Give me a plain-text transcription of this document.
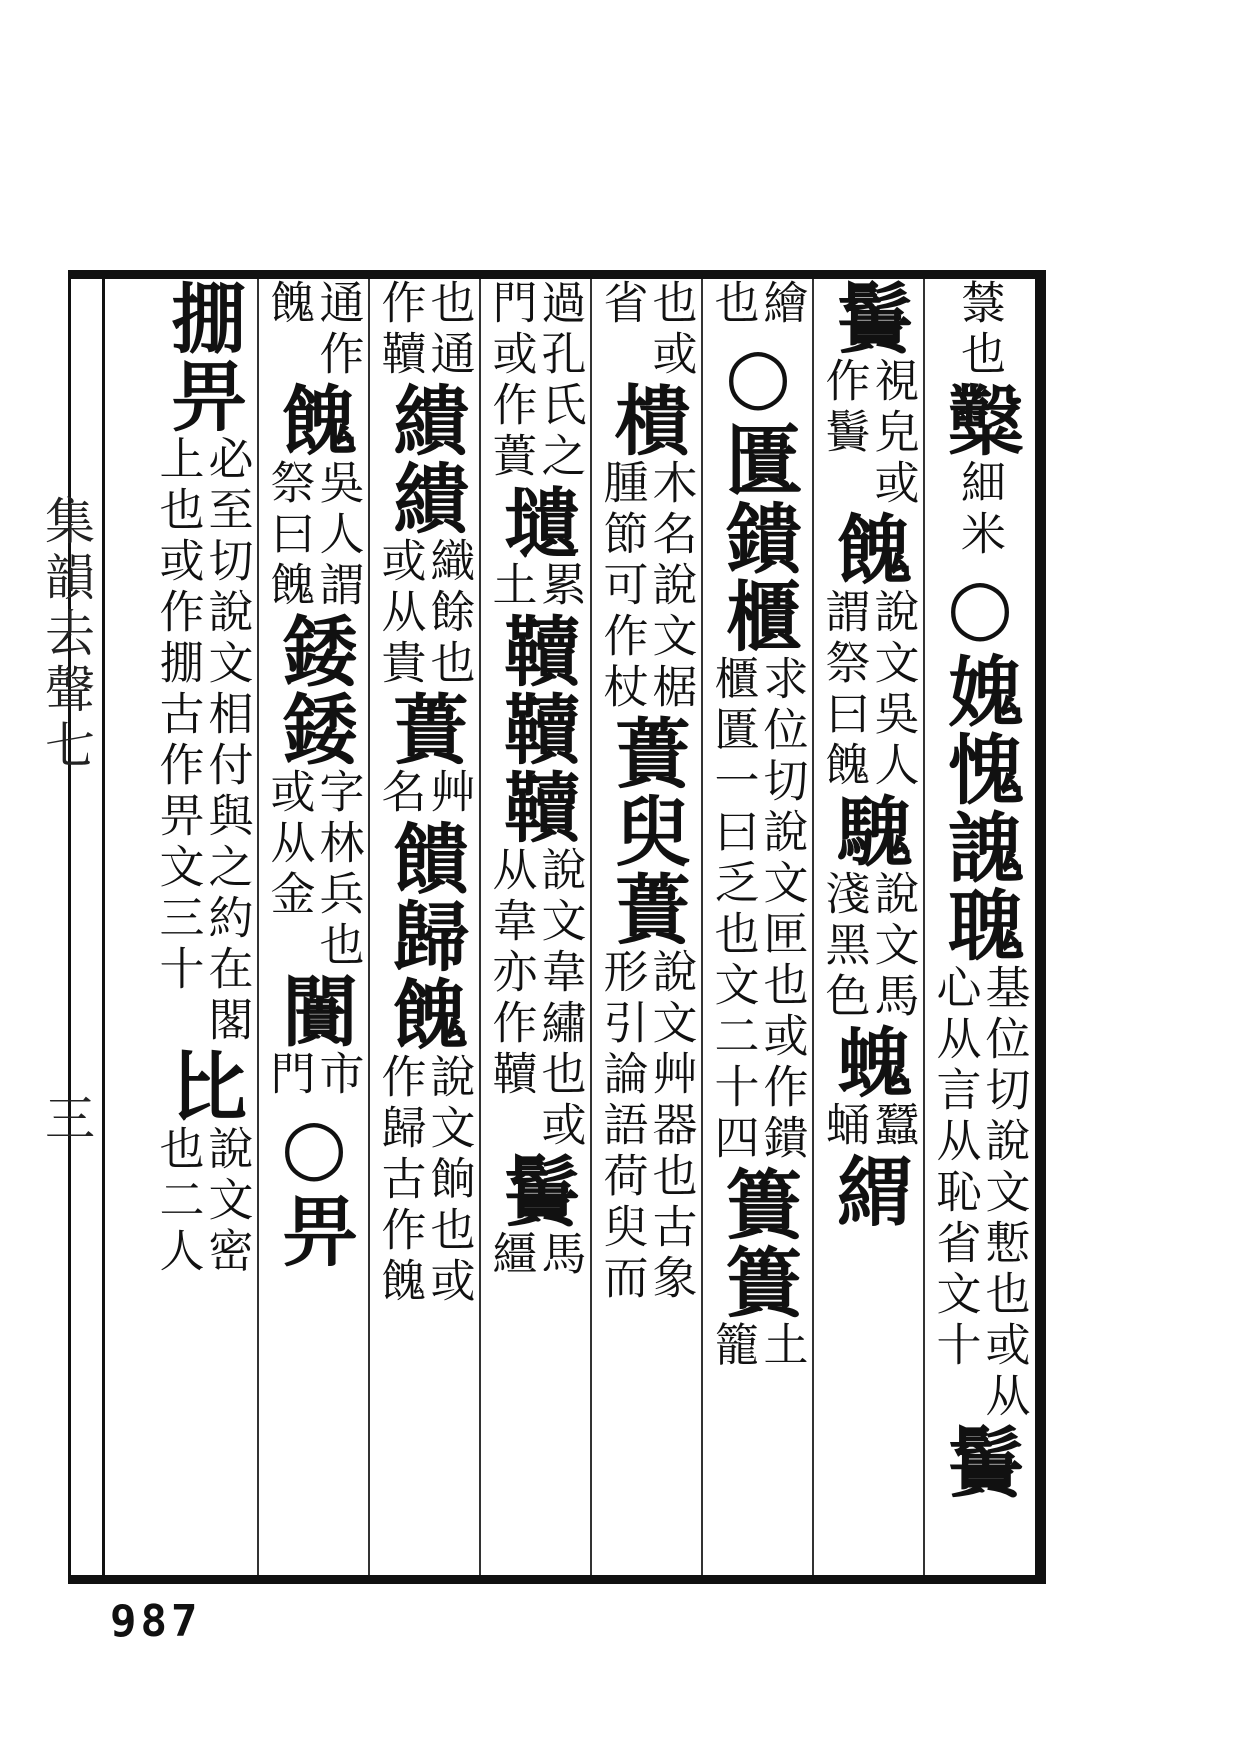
集韻去聲七
三
㯟也
糳
細米
○媿愧謉聭
基位切說文慙也或从
心从言从恥省文十
䰎
䰎
視皃或
作䰎
餽
說文吳人
謂祭曰餽
騩
說文馬
淺黑色
螝
蠶
蛹
緭
繪
也
○匱鐀櫃
求位切說文匣也或作鐀
櫃匱一曰乏也文二十四
簣簣
土
籠
也或
省
樻
木名說文椐
腫節可作杖
蕢臾蕢
說文艸器也古象
形引論語荷臾而
過孔氏之
門或作蕢
壝
累
土
韇韇韇
說文韋繡也或
从韋亦作韇
䰎
馬
繮
也通
作韇
繢繢
織餘也
或从貴
蕢
艸
名
饋歸餽
說文餉也或
作歸古作餽
通作
餽
餽
吳人謂
祭曰餽
錗錗
字林兵也
或从金
闠
市
門
○畀
掤畀
必至切說文相付與之約在閣
上也或作掤古作畀文三十
比
說文密
也二人
987
